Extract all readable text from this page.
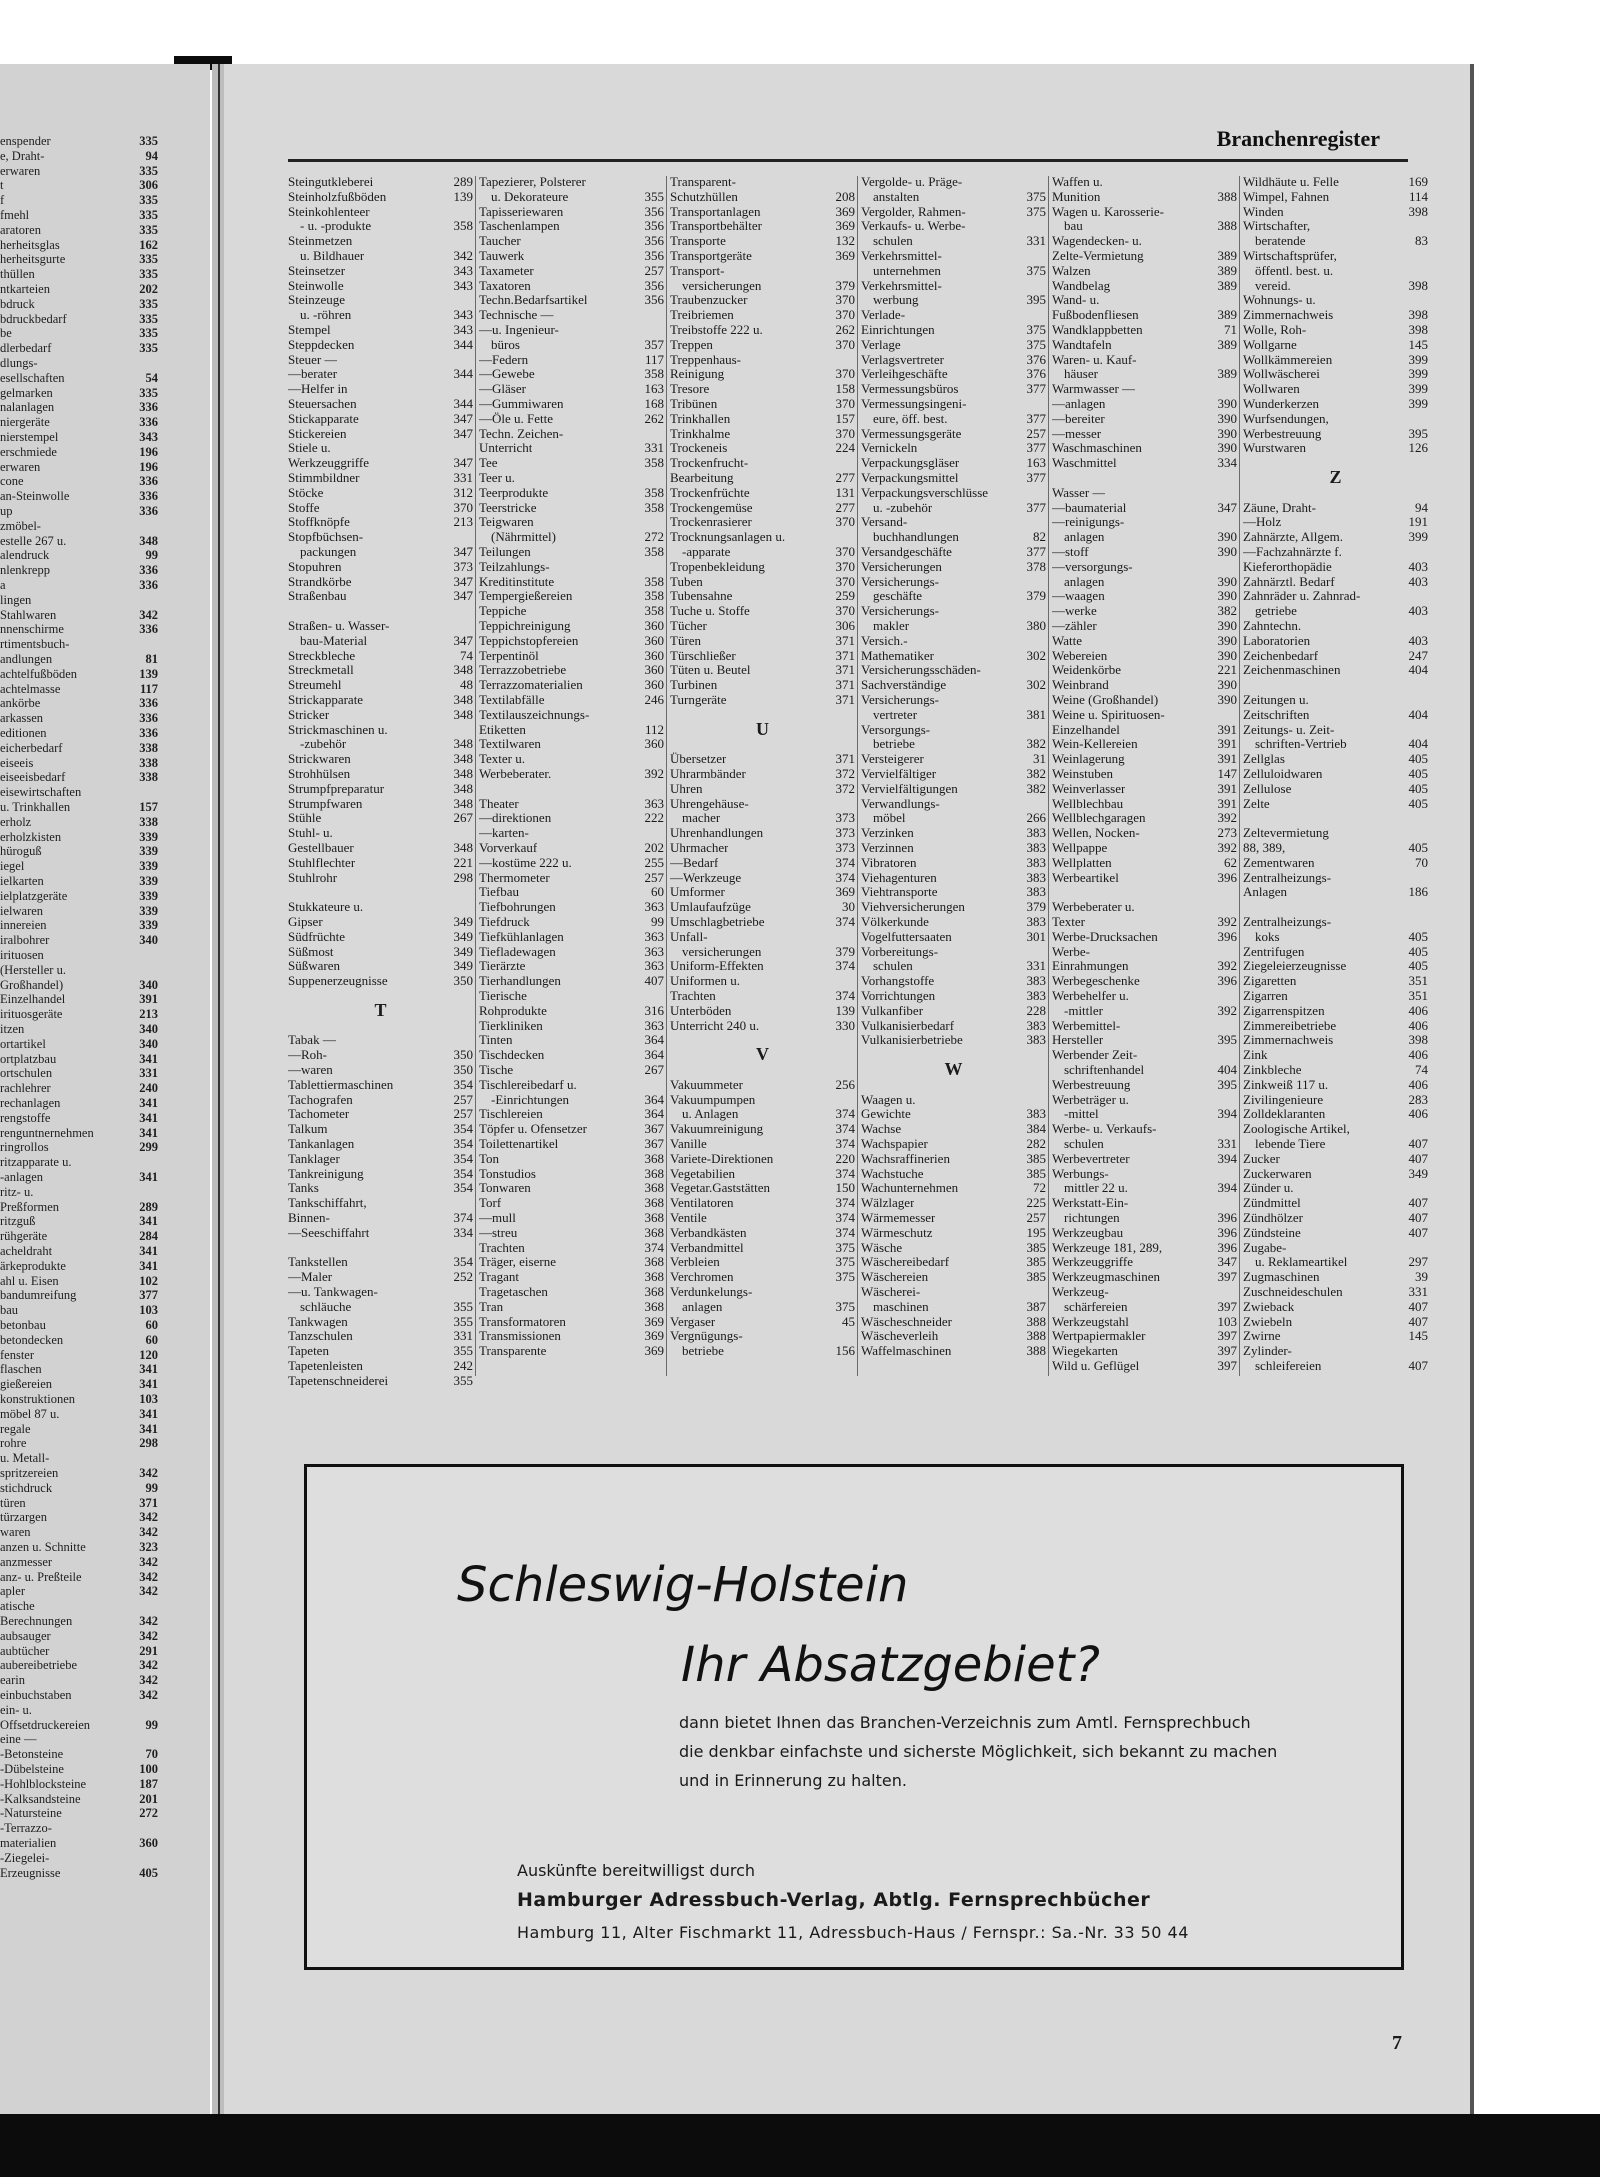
enspender	335
e, Draht-	94
erwaren	335
t	306
f	335
fmehl	335
aratoren	335
herheitsglas	162
herheitsgurte	335
thüllen	335
ntkarteien	202
bdruck	335
bdruckbedarf	335
be	335
dlerbedarf	335
dlungs-
esellschaften	54
gelmarken	335
nalanlagen	336
niergeräte	336
nierstempel	343
erschmiede	196
erwaren	196
cone	336
an-Steinwolle	336
up	336
zmöbel-
estelle 267 u.	348
alendruck	99
nlenkrepp	336
a	336
lingen
Stahlwaren	342
nnenschirme	336
rtimentsbuch-
andlungen	81
achtelfußböden	139
achtelmasse	117
ankörbe	336
arkassen	336
editionen	336
eicherbedarf	338
eiseeis	338
eiseeisbedarf	338
eisewirtschaften
u. Trinkhallen	157
erholz	338
erholzkisten	339
hüroguß	339
iegel	339
ielkarten	339
ielplatzgeräte	339
ielwaren	339
innereien	339
iralbohrer	340
irituosen
(Hersteller u.
Großhandel)	340
Einzelhandel	391
irituosgeräte	213
itzen	340
ortartikel	340
ortplatzbau	341
ortschulen	331
rachlehrer	240
rechanlagen	341
rengstoffe	341
renguntnernehmen	341
ringrollos	299
ritzapparate u.
-anlagen	341
ritz- u.
Preßformen	289
ritzguß	341
rühgeräte	284
acheldraht	341
ärkeprodukte	341
ahl u. Eisen	102
bandumreifung	377
bau	103
betonbau	60
betondecken	60
fenster	120
flaschen	341
gießereien	341
konstruktionen	103
möbel 87 u.	341
regale	341
rohre	298
u. Metall-
spritzereien	342
stichdruck	99
türen	371
türzargen	342
waren	342
anzen u. Schnitte	323
anzmesser	342
anz- u. Preßteile	342
apler	342
atische
Berechnungen	342
aubsauger	342
aubtücher	291
aubereibetriebe	342
earin	342
einbuchstaben	342
ein- u.
Offsetdruckereien	99
eine —
-Betonsteine	70
-Dübelsteine	100
-Hohlblocksteine	187
-Kalksandsteine	201
-Natursteine	272
-Terrazzo-
materialien	360
-Ziegelei-
Erzeugnisse	405
Branchenregister
Steingutkleberei	289
Steinholzfußböden	139
Steinkohlenteer
- u. -produkte	358
Steinmetzen
u. Bildhauer	342
Steinsetzer	343
Steinwolle	343
Steinzeuge
u. -röhren	343
Stempel	343
Steppdecken	344
Steuer —
—berater	344
—Helfer in
Steuersachen	344
Stickapparate	347
Stickereien	347
Stiele u.
Werkzeuggriffe	347
Stimmbildner	331
Stöcke	312
Stoffe	370
Stoffknöpfe	213
Stopfbüchsen-
packungen	347
Stopuhren	373
Strandkörbe	347
Straßenbau	347
Straßen- u. Wasser-
bau-Material	347
Streckbleche	74
Streckmetall	348
Streumehl	48
Strickapparate	348
Stricker	348
Strickmaschinen u.
-zubehör	348
Strickwaren	348
Strohhülsen	348
Strumpfpreparatur	348
Strumpfwaren	348
Stühle	267
Stuhl- u.
Gestellbauer	348
Stuhlflechter	221
Stuhlrohr	298
Stukkateure u.
Gipser	349
Südfrüchte	349
Süßmost	349
Süßwaren	349
Suppenerzeugnisse	350
T
Tabak —
—Roh-	350
—waren	350
Tablettiermaschinen	354
Tachografen	257
Tachometer	257
Talkum	354
Tankanlagen	354
Tanklager	354
Tankreinigung	354
Tanks	354
Tankschiffahrt,
Binnen-	374
—Seeschiffahrt	334
Tankstellen	354
—Maler	252
—u. Tankwagen-
schläuche	355
Tankwagen	355
Tanzschulen	331
Tapeten	355
Tapetenleisten	242
Tapetenschneiderei	355
Tapezierer, Polsterer
u. Dekorateure	355
Tapisseriewaren	356
Taschenlampen	356
Taucher	356
Tauwerk	356
Taxameter	257
Taxatoren	356
Techn.Bedarfsartikel	356
Technische —
—u. Ingenieur-
büros	357
—Federn	117
—Gewebe	358
—Gläser	163
—Gummiwaren	168
—Öle u. Fette	262
Techn. Zeichen-
Unterricht	331
Tee	358
Teer u.
Teerprodukte	358
Teerstricke	358
Teigwaren
(Nährmittel)	272
Teilungen	358
Teilzahlungs-
Kreditinstitute	358
Tempergießereien	358
Teppiche	358
Teppichreinigung	360
Teppichstopfereien	360
Terpentinöl	360
Terrazzobetriebe	360
Terrazzomaterialien	360
Textilabfälle	246
Textilauszeichnungs-
Etiketten	112
Textilwaren	360
Texter u.
Werbeberater.	392
Theater	363
—direktionen	222
—karten-
Vorverkauf	202
—kostüme 222 u.	255
Thermometer	257
Tiefbau	60
Tiefbohrungen	363
Tiefdruck	99
Tiefkühlanlagen	363
Tiefladewagen	363
Tierärzte	363
Tierhandlungen	407
Tierische
Rohprodukte	316
Tierkliniken	363
Tinten	364
Tischdecken	364
Tische	267
Tischlereibedarf u.
-Einrichtungen	364
Tischlereien	364
Töpfer u. Ofensetzer	367
Toilettenartikel	367
Ton	368
Tonstudios	368
Tonwaren	368
Torf	368
—mull	368
—streu	368
Trachten	374
Träger, eiserne	368
Tragant	368
Tragetaschen	368
Tran	368
Transformatoren	369
Transmissionen	369
Transparente	369
Transparent-
Schutzhüllen	208
Transportanlagen	369
Transportbehälter	369
Transporte	132
Transportgeräte	369
Transport-
versicherungen	379
Traubenzucker	370
Treibriemen	370
Treibstoffe 222 u.	262
Treppen	370
Treppenhaus-
Reinigung	370
Tresore	158
Tribünen	370
Trinkhallen	157
Trinkhalme	370
Trockeneis	224
Trockenfrucht-
Bearbeitung	277
Trockenfrüchte	131
Trockengemüse	277
Trockenrasierer	370
Trocknungsanlagen u.
-apparate	370
Tropenbekleidung	370
Tuben	370
Tubensahne	259
Tuche u. Stoffe	370
Tücher	306
Türen	371
Türschließer	371
Tüten u. Beutel	371
Turbinen	371
Turngeräte	371
U
Übersetzer	371
Uhrarmbänder	372
Uhren	372
Uhrengehäuse-
macher	373
Uhrenhandlungen	373
Uhrmacher	373
—Bedarf	374
—Werkzeuge	374
Umformer	369
Umlaufaufzüge	30
Umschlagbetriebe	374
Unfall-
versicherungen	379
Uniform-Effekten	374
Uniformen u.
Trachten	374
Unterböden	139
Unterricht 240 u.	330
V
Vakuummeter	256
Vakuumpumpen
u. Anlagen	374
Vakuumreinigung	374
Vanille	374
Variete-Direktionen	220
Vegetabilien	374
Vegetar.Gaststätten	150
Ventilatoren	374
Ventile	374
Verbandkästen	374
Verbandmittel	375
Verbleien	375
Verchromen	375
Verdunkelungs-
anlagen	375
Vergaser	45
Vergnügungs-
betriebe	156
Vergolde- u. Präge-
anstalten	375
Vergolder, Rahmen-	375
Verkaufs- u. Werbe-
schulen	331
Verkehrsmittel-
unternehmen	375
Verkehrsmittel-
werbung	395
Verlade-
Einrichtungen	375
Verlage	375
Verlagsvertreter	376
Verleihgeschäfte	376
Vermessungsbüros	377
Vermessungsingeni-
eure, öff. best.	377
Vermessungsgeräte	257
Vernickeln	377
Verpackungsgläser	163
Verpackungsmittel	377
Verpackungsverschlüsse
u. -zubehör	377
Versand-
buchhandlungen	82
Versandgeschäfte	377
Versicherungen	378
Versicherungs-
geschäfte	379
Versicherungs-
makler	380
Versich.-
Mathematiker	302
Versicherungsschäden-
Sachverständige	302
Versicherungs-
vertreter	381
Versorgungs-
betriebe	382
Versteigerer	31
Vervielfältiger	382
Vervielfältigungen	382
Verwandlungs-
möbel	266
Verzinken	383
Verzinnen	383
Vibratoren	383
Viehagenturen	383
Viehtransporte	383
Viehversicherungen	379
Völkerkunde	383
Vogelfuttersaaten	301
Vorbereitungs-
schulen	331
Vorhangstoffe	383
Vorrichtungen	383
Vulkanfiber	228
Vulkanisierbedarf	383
Vulkanisierbetriebe	383
W
Waagen u.
Gewichte	383
Wachse	384
Wachspapier	282
Wachsraffinerien	385
Wachstuche	385
Wachunternehmen	72
Wälzlager	225
Wärmemesser	257
Wärmeschutz	195
Wäsche	385
Wäschereibedarf	385
Wäschereien	385
Wäscherei-
maschinen	387
Wäscheschneider	388
Wäscheverleih	388
Waffelmaschinen	388
Waffen u.
Munition	388
Wagen u. Karosserie-
bau	388
Wagendecken- u.
Zelte-Vermietung	389
Walzen	389
Wandbelag	389
Wand- u.
Fußbodenfliesen	389
Wandklappbetten	71
Wandtafeln	389
Waren- u. Kauf-
häuser	389
Warmwasser —
—anlagen	390
—bereiter	390
—messer	390
Waschmaschinen	390
Waschmittel	334
Wasser —
—baumaterial	347
—reinigungs-
anlagen	390
—stoff	390
—versorgungs-
anlagen	390
—waagen	390
—werke	382
—zähler	390
Watte	390
Webereien	390
Weidenkörbe	221
Weinbrand	390
Weine (Großhandel)	390
Weine u. Spirituosen-
Einzelhandel	391
Wein-Kellereien	391
Weinlagerung	391
Weinstuben	147
Weinverlasser	391
Wellblechbau	391
Wellblechgaragen	392
Wellen, Nocken-	273
Wellpappe	392
Wellplatten	62
Werbeartikel	396
Werbeberater u.
Texter	392
Werbe-Drucksachen	396
Werbe-
Einrahmungen	392
Werbegeschenke	396
Werbehelfer u.
-mittler	392
Werbemittel-
Hersteller	395
Werbender Zeit-
schriftenhandel	404
Werbestreuung	395
Werbeträger u.
-mittel	394
Werbe- u. Verkaufs-
schulen	331
Werbevertreter	394
Werbungs-
mittler 22 u.	394
Werkstatt-Ein-
richtungen	396
Werkzeugbau	396
Werkzeuge 181, 289,	396
Werkzeuggriffe	347
Werkzeugmaschinen	397
Werkzeug-
schärfereien	397
Werkzeugstahl	103
Wertpapiermakler	397
Wiegekarten	397
Wild u. Geflügel	397
Wildhäute u. Felle	169
Wimpel, Fahnen	114
Winden	398
Wirtschafter,
beratende	83
Wirtschaftsprüfer,
öffentl. best. u.
vereid.	398
Wohnungs- u.
Zimmernachweis	398
Wolle, Roh-	398
Wollgarne	145
Wollkämmereien	399
Wollwäscherei	399
Wollwaren	399
Wunderkerzen	399
Wurfsendungen,
Werbestreuung	395
Wurstwaren	126
Z
Zäune, Draht-	94
—Holz	191
Zahnärzte, Allgem.	399
—Fachzahnärzte f.
Kieferorthopädie	403
Zahnärztl. Bedarf	403
Zahnräder u. Zahnrad-
getriebe	403
Zahntechn.
Laboratorien	403
Zeichenbedarf	247
Zeichenmaschinen	404
Zeitungen u.
Zeitschriften	404
Zeitungs- u. Zeit-
schriften-Vertrieb	404
Zellglas	405
Zelluloidwaren	405
Zellulose	405
Zelte	405
Zeltevermietung
88, 389,	405
Zementwaren	70
Zentralheizungs-
Anlagen	186
Zentralheizungs-
koks	405
Zentrifugen	405
Ziegeleierzeugnisse	405
Zigaretten	351
Zigarren	351
Zigarrenspitzen	406
Zimmereibetriebe	406
Zimmernachweis	398
Zink	406
Zinkbleche	74
Zinkweiß 117 u.	406
Zivilingenieure	283
Zolldeklaranten	406
Zoologische Artikel,
lebende Tiere	407
Zucker	407
Zuckerwaren	349
Zünder u.
Zündmittel	407
Zündhölzer	407
Zündsteine	407
Zugabe-
u. Reklameartikel	297
Zugmaschinen	39
Zuschneideschulen	331
Zwieback	407
Zwiebeln	407
Zwirne	145
Zylinder-
schleifereien	407
Schleswig-Holstein
Ihr Absatzgebiet?
dann bietet Ihnen das Branchen-Verzeichnis zum Amtl. Fernsprechbuch
die denkbar einfachste und sicherste Möglichkeit, sich bekannt zu machen
und in Erinnerung zu halten.
Auskünfte bereitwilligst durch
Hamburger Adressbuch-Verlag, Abtlg. Fernsprechbücher
Hamburg 11, Alter Fischmarkt 11, Adressbuch-Haus / Fernspr.: Sa.-Nr. 33 50 44
7
